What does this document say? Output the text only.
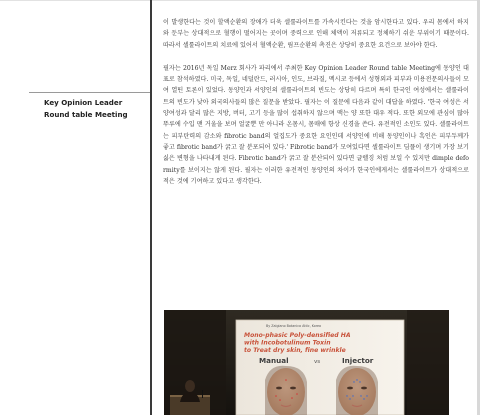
Key Opinion Leader Round table Meeting

이 발생한다는 것이 할액순환의 장애가 더욱 셀룰라이트를 가속시킨다는 것을 암시한다고 있다. 우리 몸에서 하지와 둔부는 상대적으로 혈행이 떨어지는 곳이며 중력으로 인해 체액이 저류되고 정체하기 쉬운 부위이기 때문이다. 따라서 셀룰라이트의 치료에 있어서 혈액순환, 림프순환의 촉진은 상당히 중요한 요건으로 보아야 한다.

필자는 2016년 독일 Merz 회사가 파리에서 주최한 Key Opinion Leader Round table Meeting에 동양인 대표로 참석하였다. 미국, 독일, 네덜란드, 러시아, 인도, 브라질, 멕시코 등에서 성형외과 피부과 미용전문의사들이 모여 열띤 토론이 있었다. 동양인과 서양인의 셀룰라이트의 빈도는 상당히 다르며 특히 한국인 여성에서는 셀룰라이트의 빈도가 낮아 외국의사들의 많은 질문을 받았다. 필자는 이 질문에 다음과 같이 대답을 하였다. '한국 여성은 서양여성과 달리 많은 지방, 버터, 고기 등을 많이 섭취하지 않으며 맥는 양 또한 대우 적다. 또한 외모에 관심이 많아 뚜루에 수입 맨 거울을 보며 얼굴뿐 만 아니라 온몸시, 몸매에 항상 신경을 쓴다. 유전적인 소인도 있다. 셀룰라이트는 피부탄력의 감소와 fibrotic band의 얼집도가 중요한 요인인데 서양인에 비해 동양인이나 흑인은 피부두께가 좋고 fibrotic band가 굵고 잘 분포되어 있다.' Fibrotic band가 모여있다면 셀룰라이트 딤플이 생기며 가장 보기 싫은 변형을 나타내게 된다. Fibrotic band가 굵고 잘 분산되어 있다면 글렐징 처럼 보일 수 있지만 dimple deformity를 보이지는 않게 된다. 필자는 이러한 유전적인 동양인의 차이가 한국인에게서는 셀룰라이트가 상대적으로 적은 것에 기여하고 있다고 생각한다.

By Zalgiano Botanica Attic, Korea
Mono-phasic Poly-densified HA
with Incobotulinum Toxin
to Treat dry skin, fine wrinkle
Manual	vs	Injector
